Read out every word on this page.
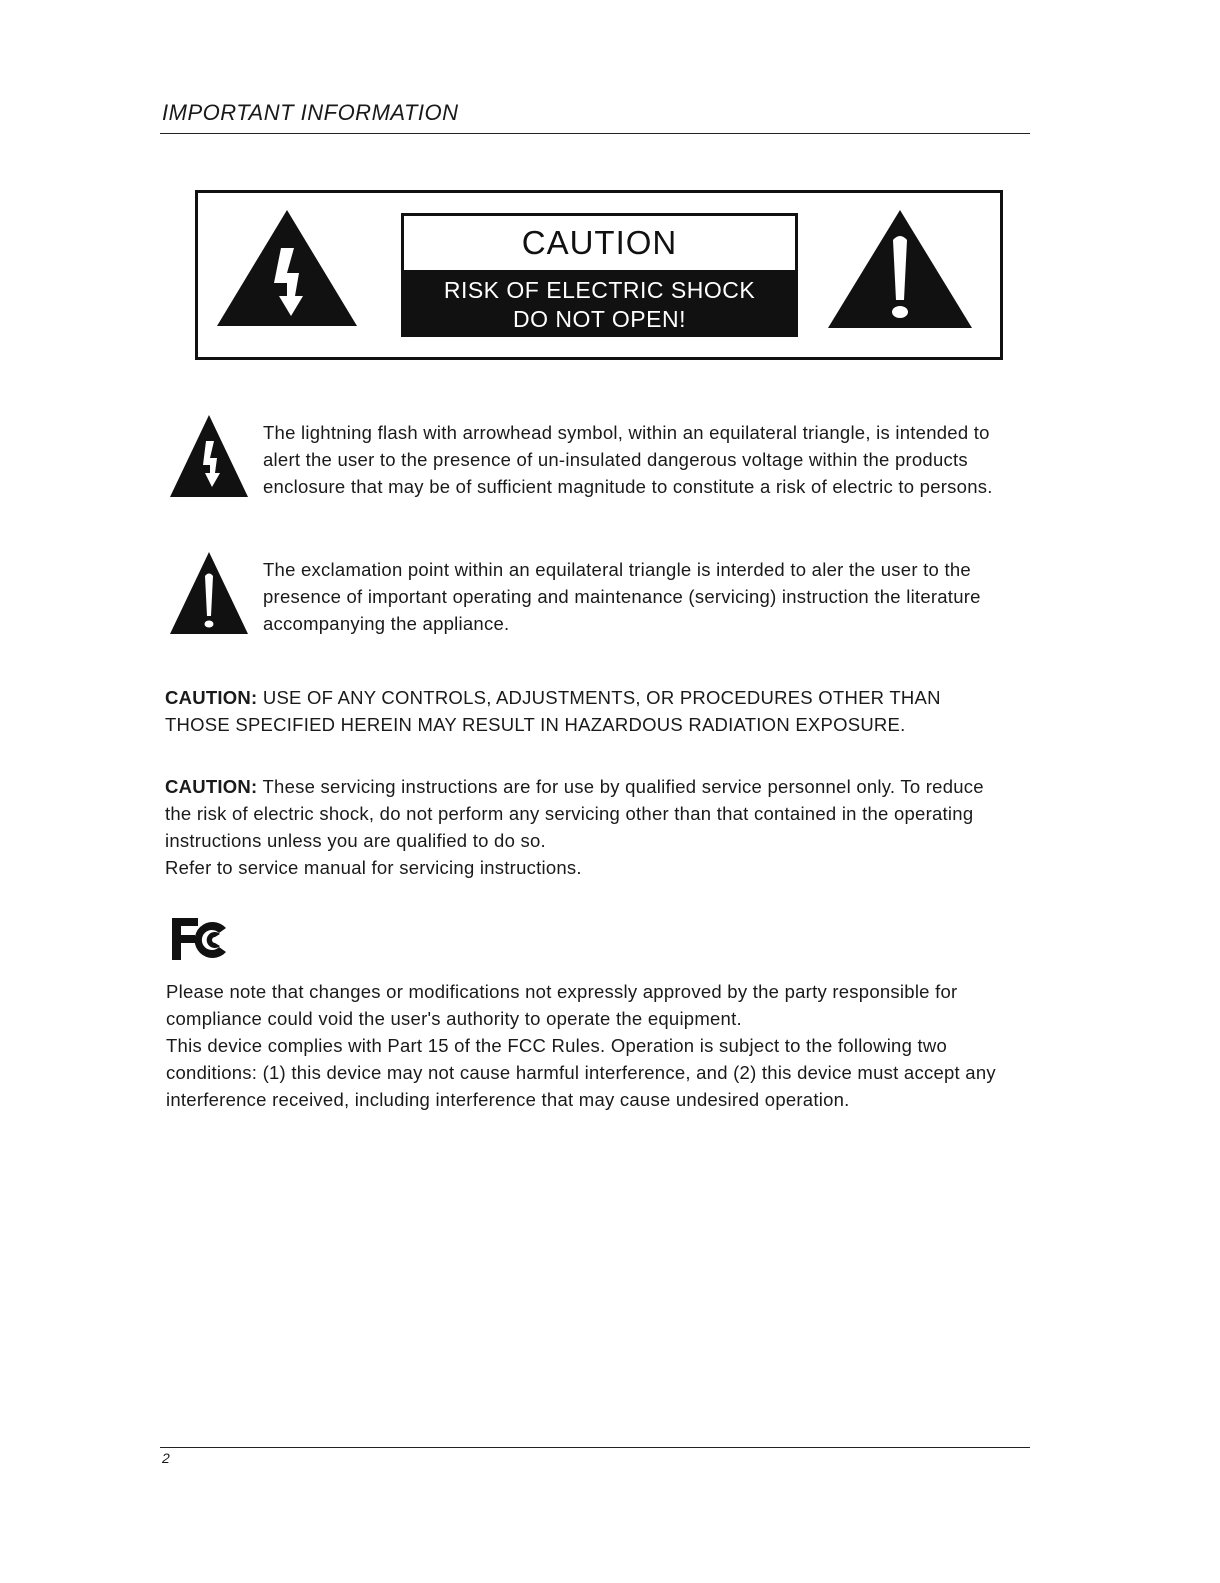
IMPORTANT INFORMATION
CAUTION
RISK OF ELECTRIC SHOCK
DO NOT OPEN!

The lightning flash with arrowhead symbol, within an equilateral triangle, is intended to

alert the user to the presence of un-insulated dangerous voltage within the products

enclosure that may be of sufficient magnitude to constitute a risk of electric to persons.

The exclamation point within an equilateral triangle is interded to aler the user to the

presence of important operating and maintenance (servicing) instruction the literature

accompanying the appliance.

CAUTION: USE OF ANY CONTROLS, ADJUSTMENTS, OR PROCEDURES OTHER THAN

THOSE SPECIFIED HEREIN MAY RESULT IN HAZARDOUS RADIATION EXPOSURE.

CAUTION: These servicing instructions are for use by qualified service personnel only. To reduce

the risk of electric shock, do not perform any servicing other than that contained in the operating

instructions unless you are qualified to do so.

Refer to service manual for servicing instructions.

Please note that changes or modifications not expressly approved by the party responsible for

compliance could void the user's authority to operate the equipment.

This device complies with Part 15 of the FCC Rules. Operation is subject to the following two

conditions: (1) this device may not cause harmful interference, and (2) this device must accept any

interference received, including interference that may cause undesired operation.

2
